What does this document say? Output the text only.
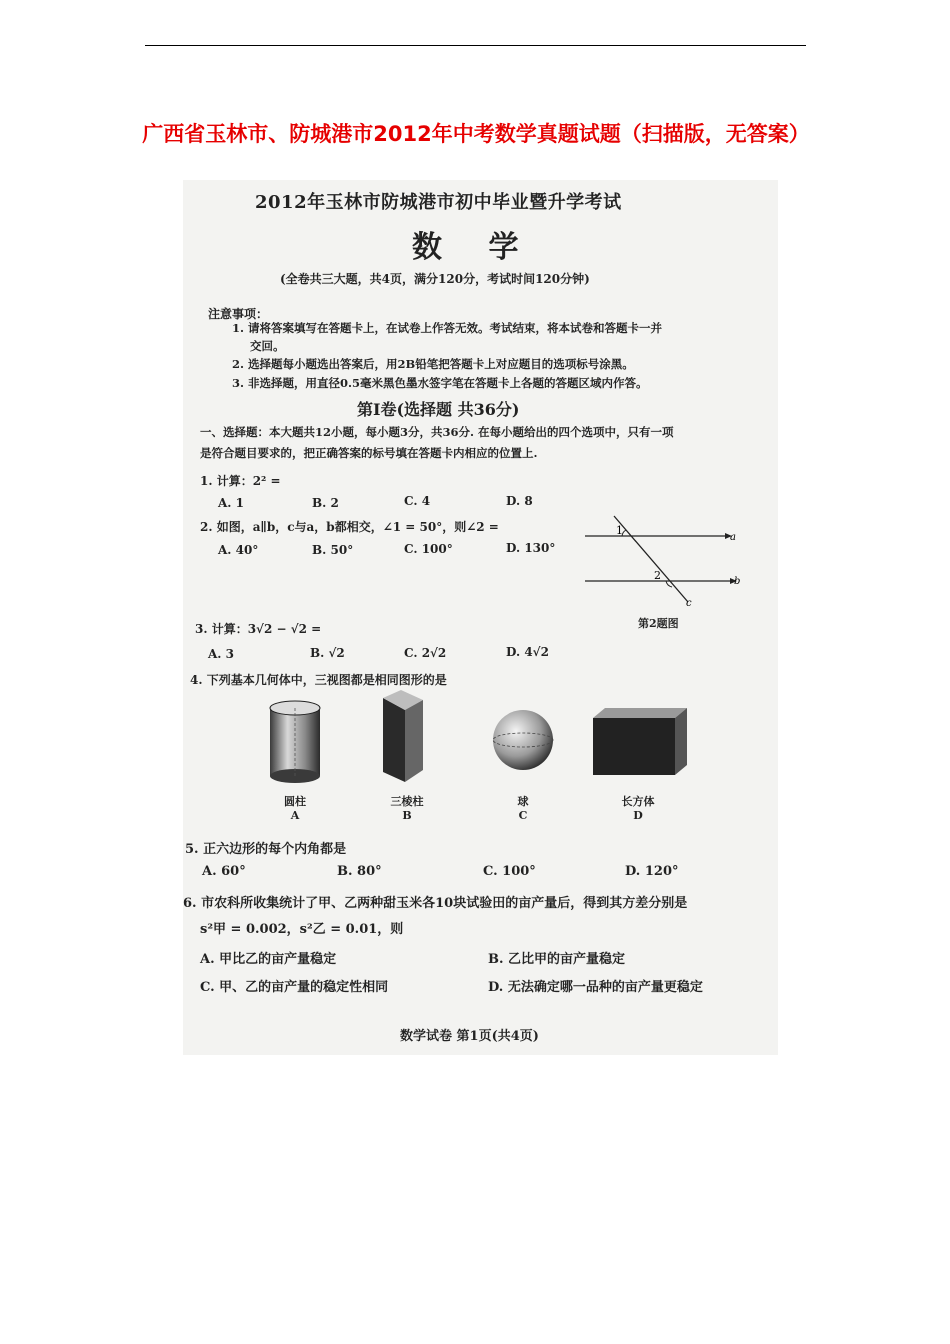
广西省玉林市、防城港市2012年中考数学真题试题（扫描版，无答案）
2012年玉林市防城港市初中毕业暨升学考试
数 学
(全卷共三大题，共4页，满分120分，考试时间120分钟)
注意事项：
1. 请将答案填写在答题卡上，在试卷上作答无效。考试结束，将本试卷和答题卡一并
交回。
2. 选择题每小题选出答案后，用2B铅笔把答题卡上对应题目的选项标号涂黑。
3. 非选择题，用直径0.5毫米黑色墨水签字笔在答题卡上各题的答题区域内作答。
第Ⅰ卷(选择题 共36分)
一、选择题：本大题共12小题，每小题3分，共36分. 在每小题给出的四个选项中，只有一项
是符合题目要求的，把正确答案的标号填在答题卡内相应的位置上.
1. 计算：2² =
A. 1	B. 2	C. 4	D. 8
2. 如图，a∥b，c与a，b都相交，∠1 = 50°，则∠2 =
A. 40°	B. 50°	C. 100°	D. 130°
1
2
a
b
c
第2题图
3. 计算：3√2 − √2 =
A. 3	B. √2	C. 2√2	D. 4√2
4. 下列基本几何体中，三视图都是相同图形的是
圆柱
A
三棱柱
B
球
C
长方体
D
5. 正六边形的每个内角都是
A. 60°	B. 80°	C. 100°	D. 120°
6. 市农科所收集统计了甲、乙两种甜玉米各10块试验田的亩产量后，得到其方差分别是
s²甲 = 0.002，s²乙 = 0.01，则
A. 甲比乙的亩产量稳定	B. 乙比甲的亩产量稳定
C. 甲、乙的亩产量的稳定性相同	D. 无法确定哪一品种的亩产量更稳定
数学试卷 第1页(共4页)
